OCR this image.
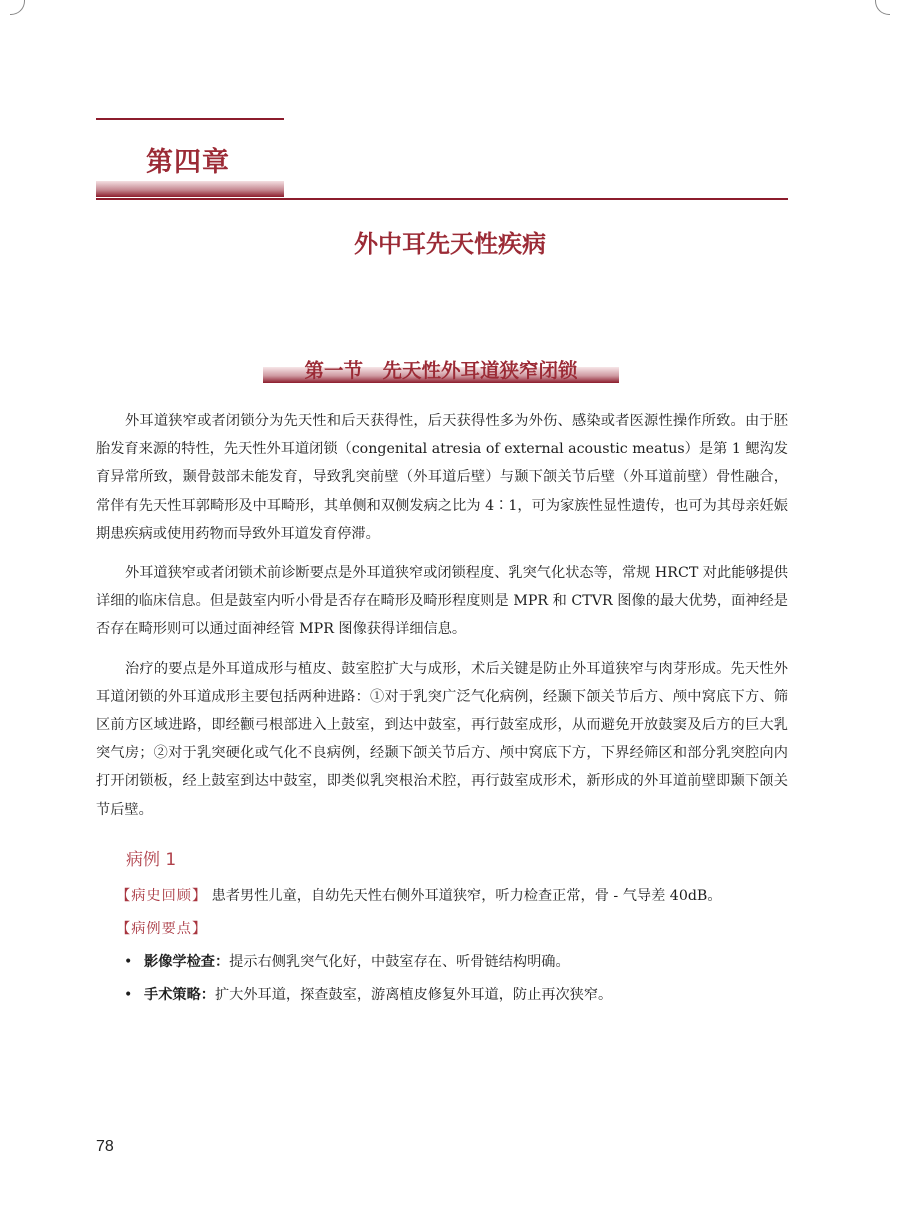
第四章
外中耳先天性疾病
第一节　先天性外耳道狭窄闭锁

外耳道狭窄或者闭锁分为先天性和后天获得性，后天获得性多为外伤、感染或者医源性操作所致。由于胚胎发育来源的特性，先天性外耳道闭锁（congenital atresia of external acoustic meatus）是第 1 鳃沟发育异常所致，颞骨鼓部未能发育，导致乳突前壁（外耳道后壁）与颞下颌关节后壁（外耳道前壁）骨性融合，常伴有先天性耳郭畸形及中耳畸形，其单侧和双侧发病之比为 4∶1，可为家族性显性遗传，也可为其母亲妊娠期患疾病或使用药物而导致外耳道发育停滞。

外耳道狭窄或者闭锁术前诊断要点是外耳道狭窄或闭锁程度、乳突气化状态等，常规 HRCT 对此能够提供详细的临床信息。但是鼓室内听小骨是否存在畸形及畸形程度则是 MPR 和 CTVR 图像的最大优势，面神经是否存在畸形则可以通过面神经管 MPR 图像获得详细信息。

治疗的要点是外耳道成形与植皮、鼓室腔扩大与成形，术后关键是防止外耳道狭窄与肉芽形成。先天性外耳道闭锁的外耳道成形主要包括两种进路：①对于乳突广泛气化病例，经颞下颌关节后方、颅中窝底下方、筛区前方区域进路，即经颧弓根部进入上鼓室，到达中鼓室，再行鼓室成形，从而避免开放鼓窦及后方的巨大乳突气房；②对于乳突硬化或气化不良病例，经颞下颌关节后方、颅中窝底下方，下界经筛区和部分乳突腔向内打开闭锁板，经上鼓室到达中鼓室，即类似乳突根治术腔，再行鼓室成形术，新形成的外耳道前壁即颞下颌关节后壁。

病例 1
【病史回顾】 患者男性儿童，自幼先天性右侧外耳道狭窄，听力检查正常，骨 - 气导差 40dB。
【病例要点】
• 影像学检查：提示右侧乳突气化好，中鼓室存在、听骨链结构明确。
• 手术策略：扩大外耳道，探查鼓室，游离植皮修复外耳道，防止再次狭窄。
78
